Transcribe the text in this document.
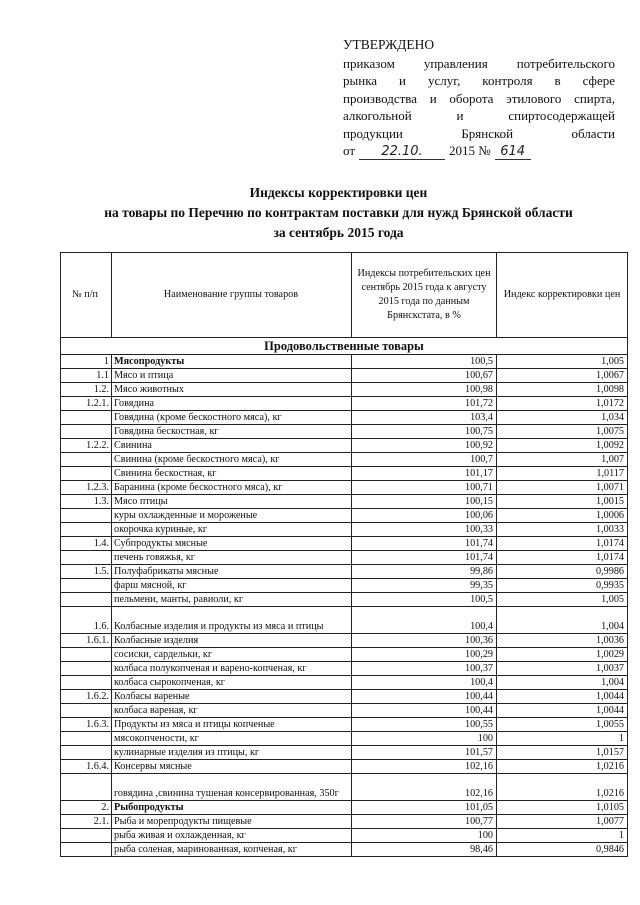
УТВЕРЖДЕНО
приказом управления потребительского
рынка и услуг, контроля в сфере
производства и оборота этилового спирта,
алкогольной	и	спиртосодержащей
продукции	Брянской	области
от	22.10.	2015 № 614
Индексы корректировки цен
на товары по Перечню по контрактам поставки для нужд Брянской области
за сентябрь 2015 года
№ п/п	Наименование группы товаров	Индексы потребительских цен сентябрь 2015 года к августу 2015 года по данным Брянскстата, в %	Индекс корректировки цен
Продовольственные товары			
1	Мясопродукты	100,5	1,005
1.1	Мясо и птица	100,67	1,0067
1.2.	Мясо животных	100,98	1,0098
1.2.1.	Говядина	101,72	1,0172
	Говядина (кроме бескостного мяса), кг	103,4	1,034
	Говядина бескостная, кг	100,75	1,0075
1.2.2.	Свинина	100,92	1,0092
	Свинина (кроме бескостного мяса), кг	100,7	1,007
	Свинина бескостная, кг	101,17	1,0117
1.2.3.	Баранина (кроме бескостного мяса), кг	100,71	1,0071
1.3.	Мясо птицы	100,15	1,0015
	куры охлажденные и мороженые	100,06	1,0006
	окорочка куриные, кг	100,33	1,0033
1.4.	Субпродукты мясные	101,74	1,0174
	печень говяжья, кг	101,74	1,0174
1.5.	Полуфабрикаты мясные	99,86	0,9986
	фарш мясной, кг	99,35	0,9935
	пельмени, манты, равиоли, кг	100,5	1,005
1.6.	Колбасные изделия и продукты из мяса и птицы	100,4	1,004
1.6.1.	Колбасные изделия	100,36	1,0036
	сосиски, сардельки, кг	100,29	1,0029
	колбаса полукопченая и варено-копченая, кг	100,37	1,0037
	колбаса сырокопченая, кг	100,4	1,004
1.6.2.	Колбасы вареные	100,44	1,0044
	колбаса вареная, кг	100,44	1,0044
1.6.3.	Продукты из мяса и птицы копченые	100,55	1,0055
	мясокопчености, кг	100	1
	кулинарные изделия из птицы, кг	101,57	1,0157
1.6.4.	Консервы мясные	102,16	1,0216
	говядина ,свинина тушеная консервированная, 350г	102,16	1,0216
2.	Рыбопродукты	101,05	1,0105
2.1.	Рыба и морепродукты пищевые	100,77	1,0077
	рыба живая и охлажденная, кг	100	1
	рыба соленая, маринованная, копченая, кг	98,46	0,9846
